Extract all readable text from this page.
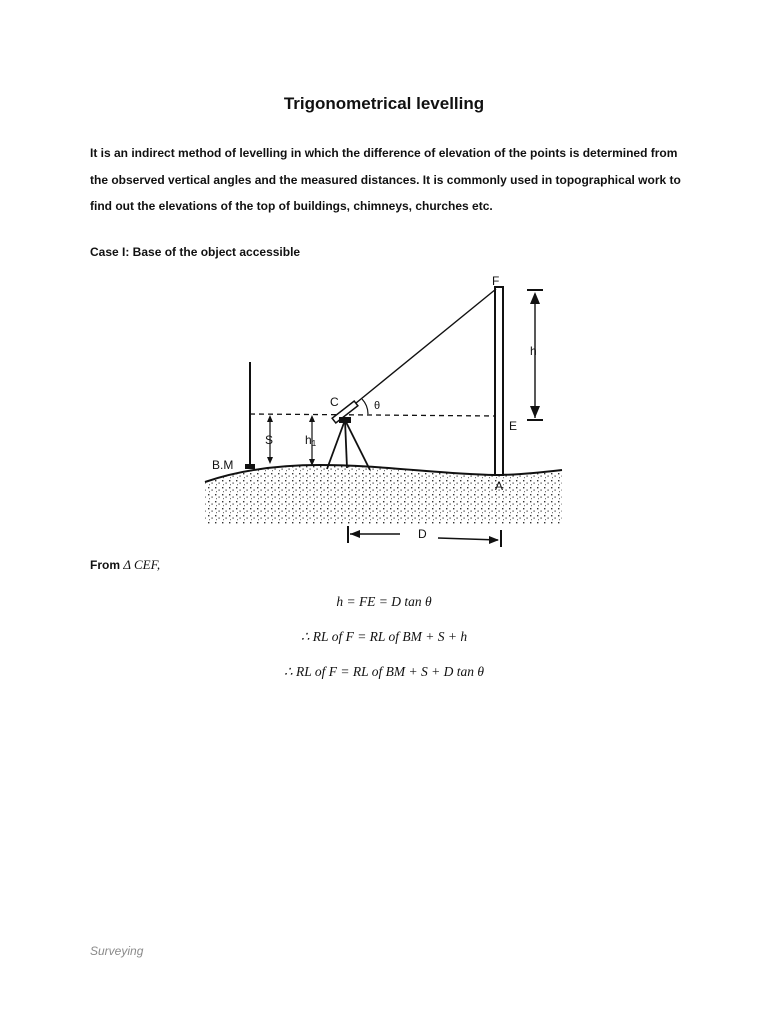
Trigonometrical levelling

It is an indirect method of levelling in which the difference of elevation of the points is determined from the observed vertical angles and the measured distances. It is commonly used in topographical work to find out the elevations of the top of buildings, chimneys, churches etc.

Case I: Base of the object accessible
F
h
C	θ
E
S	h1
B.M
A
D
From Δ CEF,
h = FE = D tan θ
∴ RL of F = RL of BM + S + h
∴ RL of F = RL of BM + S + D tan θ
Surveying
